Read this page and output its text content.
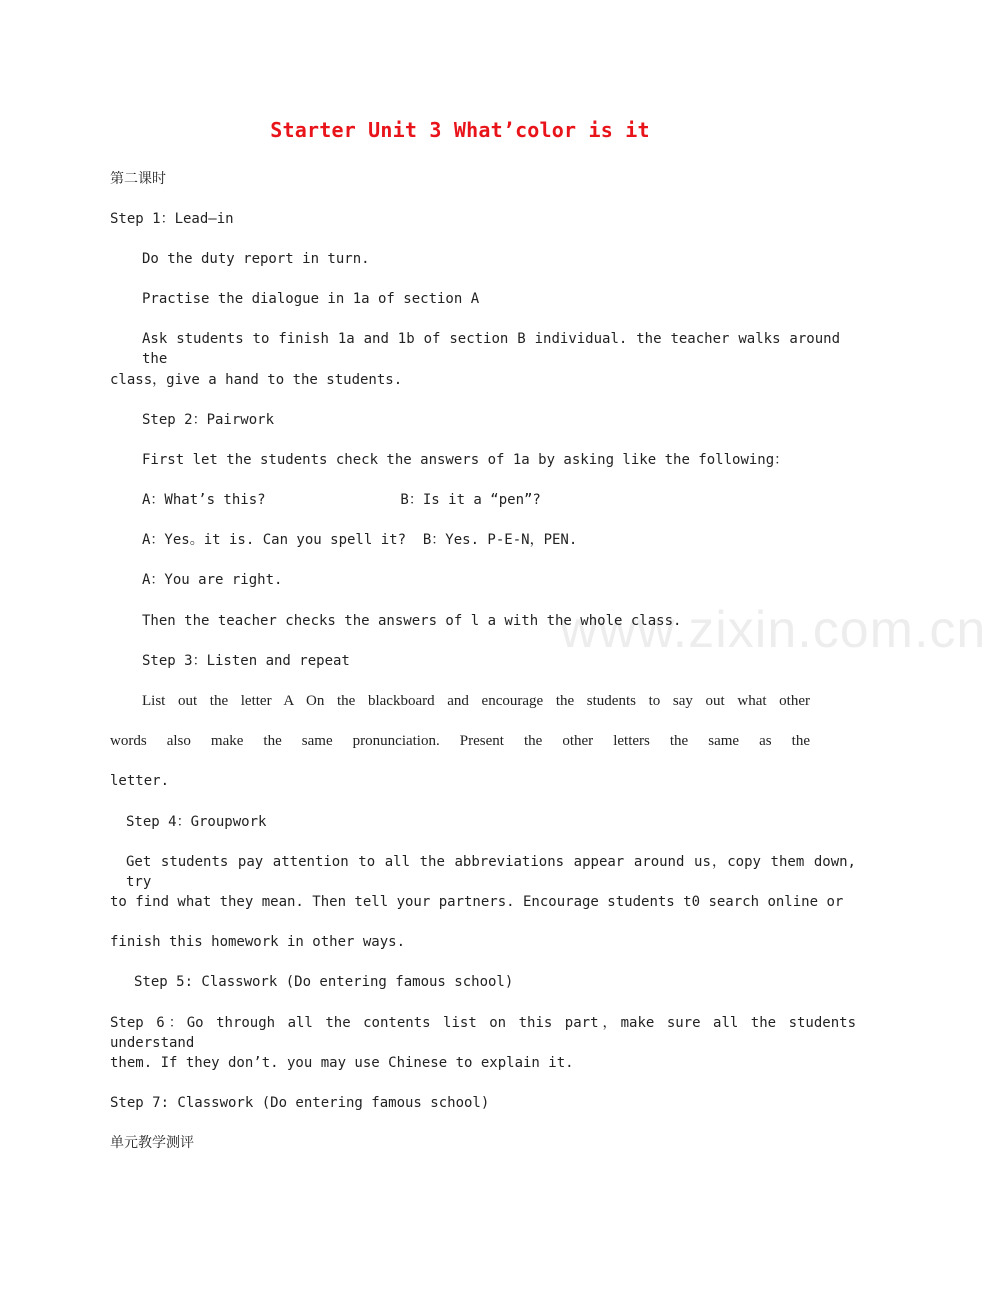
Starter Unit 3 What’color is it
第二课时
Step 1：Lead—in
Do the duty report in turn.
Practise the dialogue in 1a of section A
Ask students to finish 1a and 1b of section B individual. the teacher walks around the
class，give a hand to the students.
Step 2：Pairwork
First let the students check the answers of 1a by asking like the following：
A：What’s this?                B：Is it a “pen”?
A：Yes。it is. Can you spell it?  B：Yes. P-E-N，PEN.
A：You are right.
Then the teacher checks the answers of l a with the whole class.
Step 3：Listen and repeat
List out the letter A On the blackboard and encourage the students to say out what other
words also make the same pronunciation. Present the other letters the same as the
letter.
Step 4：Groupwork
Get students pay attention to all the abbreviations appear around us，copy them down, try
to find what they mean. Then tell your partners. Encourage students t0 search online or
finish this homework in other ways.
Step 5: Classwork (Do entering famous school)
Step 6：Go through all the contents list on this part，make sure all the students understand
them. If they don’t. you may use Chinese to explain it.
Step 7: Classwork (Do entering famous school)
单元教学测评
www.zixin.com.cn
